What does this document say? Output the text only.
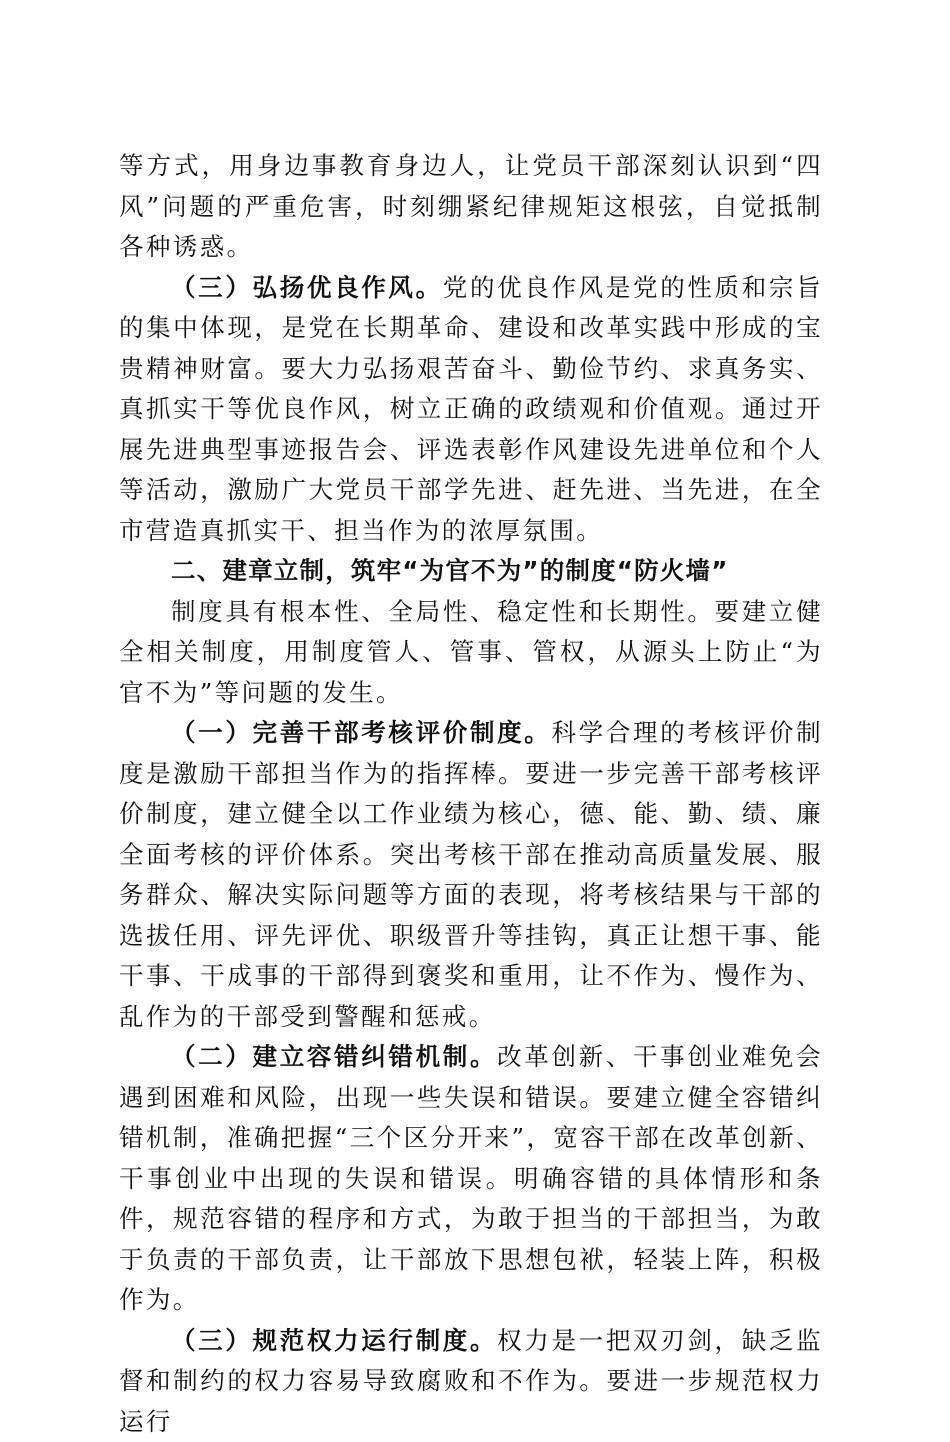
等方式，用身边事教育身边人，让党员干部深刻认识到“四风”问题的严重危害，时刻绷紧纪律规矩这根弦，自觉抵制各种诱惑。

（三）弘扬优良作风。党的优良作风是党的性质和宗旨的集中体现，是党在长期革命、建设和改革实践中形成的宝贵精神财富。要大力弘扬艰苦奋斗、勤俭节约、求真务实、真抓实干等优良作风，树立正确的政绩观和价值观。通过开展先进典型事迹报告会、评选表彰作风建设先进单位和个人等活动，激励广大党员干部学先进、赶先进、当先进，在全市营造真抓实干、担当作为的浓厚氛围。

二、建章立制，筑牢“为官不为”的制度“防火墙”

制度具有根本性、全局性、稳定性和长期性。要建立健全相关制度，用制度管人、管事、管权，从源头上防止“为官不为”等问题的发生。

（一）完善干部考核评价制度。科学合理的考核评价制度是激励干部担当作为的指挥棒。要进一步完善干部考核评价制度，建立健全以工作业绩为核心，德、能、勤、绩、廉全面考核的评价体系。突出考核干部在推动高质量发展、服务群众、解决实际问题等方面的表现，将考核结果与干部的选拔任用、评先评优、职级晋升等挂钩，真正让想干事、能干事、干成事的干部得到褒奖和重用，让不作为、慢作为、乱作为的干部受到警醒和惩戒。

（二）建立容错纠错机制。改革创新、干事创业难免会遇到困难和风险，出现一些失误和错误。要建立健全容错纠错机制，准确把握“三个区分开来”，宽容干部在改革创新、干事创业中出现的失误和错误。明确容错的具体情形和条件，规范容错的程序和方式，为敢于担当的干部担当，为敢于负责的干部负责，让干部放下思想包袱，轻装上阵，积极作为。

（三）规范权力运行制度。权力是一把双刃剑，缺乏监督和制约的权力容易导致腐败和不作为。要进一步规范权力运行
